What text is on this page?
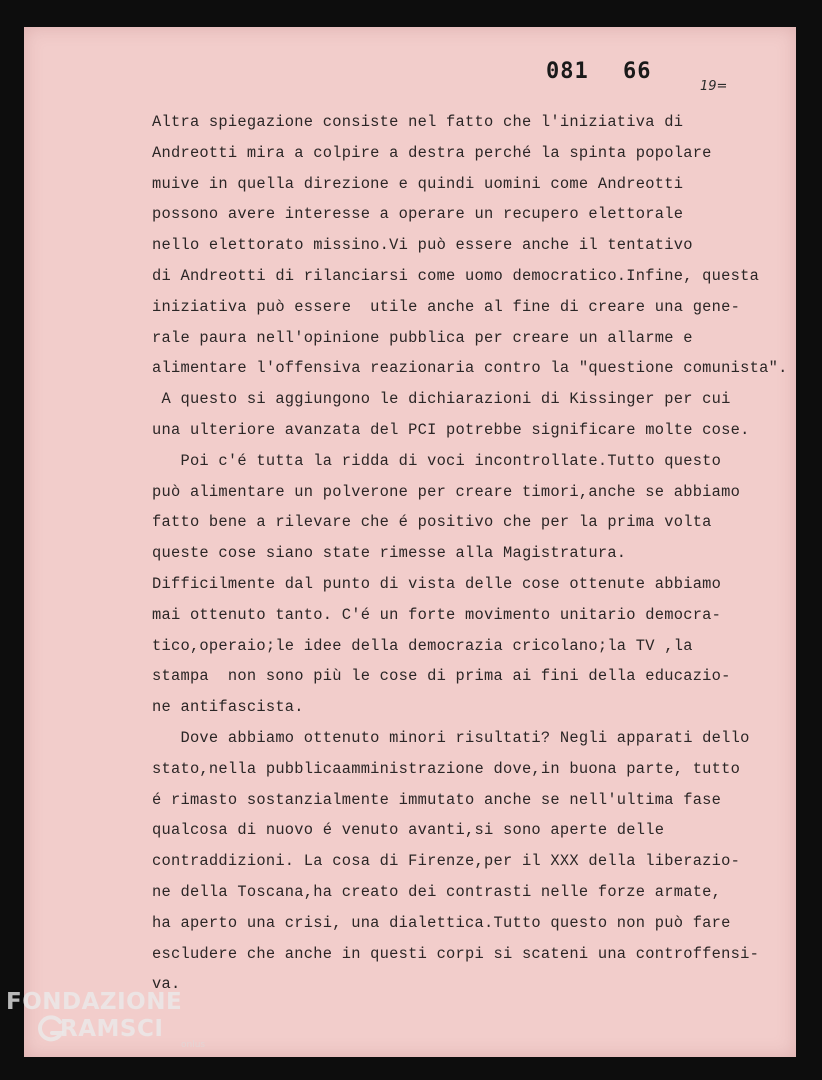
081 66
19=
Altra spiegazione consiste nel fatto che l'iniziativa di
Andreotti mira a colpire a destra perché la spinta popolare
muive in quella direzione e quindi uomini come Andreotti
possono avere interesse a operare un recupero elettorale
nello elettorato missino.Vi può essere anche il tentativo
di Andreotti di rilanciarsi come uomo democratico.Infine, questa
iniziativa può essere  utile anche al fine di creare una gene-
rale paura nell'opinione pubblica per creare un allarme e
alimentare l'offensiva reazionaria contro la "questione comunista".
A questo si aggiungono le dichiarazioni di Kissinger per cui
una ulteriore avanzata del PCI potrebbe significare molte cose.
Poi c'é tutta la ridda di voci incontrollate.Tutto questo
può alimentare un polverone per creare timori,anche se abbiamo
fatto bene a rilevare che é positivo che per la prima volta
queste cose siano state rimesse alla Magistratura.
Difficilmente dal punto di vista delle cose ottenute abbiamo
mai ottenuto tanto. C'é un forte movimento unitario democra-
tico,operaio;le idee della democrazia cricolano;la TV ,la
stampa  non sono più le cose di prima ai fini della educazio-
ne antifascista.
Dove abbiamo ottenuto minori risultati? Negli apparati dello
stato,nella pubblicaamministrazione dove,in buona parte, tutto
é rimasto sostanzialmente immutato anche se nell'ultima fase
qualcosa di nuovo é venuto avanti,si sono aperte delle
contraddizioni. La cosa di Firenze,per il XXX della liberazio-
ne della Toscana,ha creato dei contrasti nelle forze armate,
ha aperto una crisi, una dialettica.Tutto questo non può fare
escludere che anche in questi corpi si scateni una controffensi-
va.
FONDAZIONE
RAMSCI
onlus
